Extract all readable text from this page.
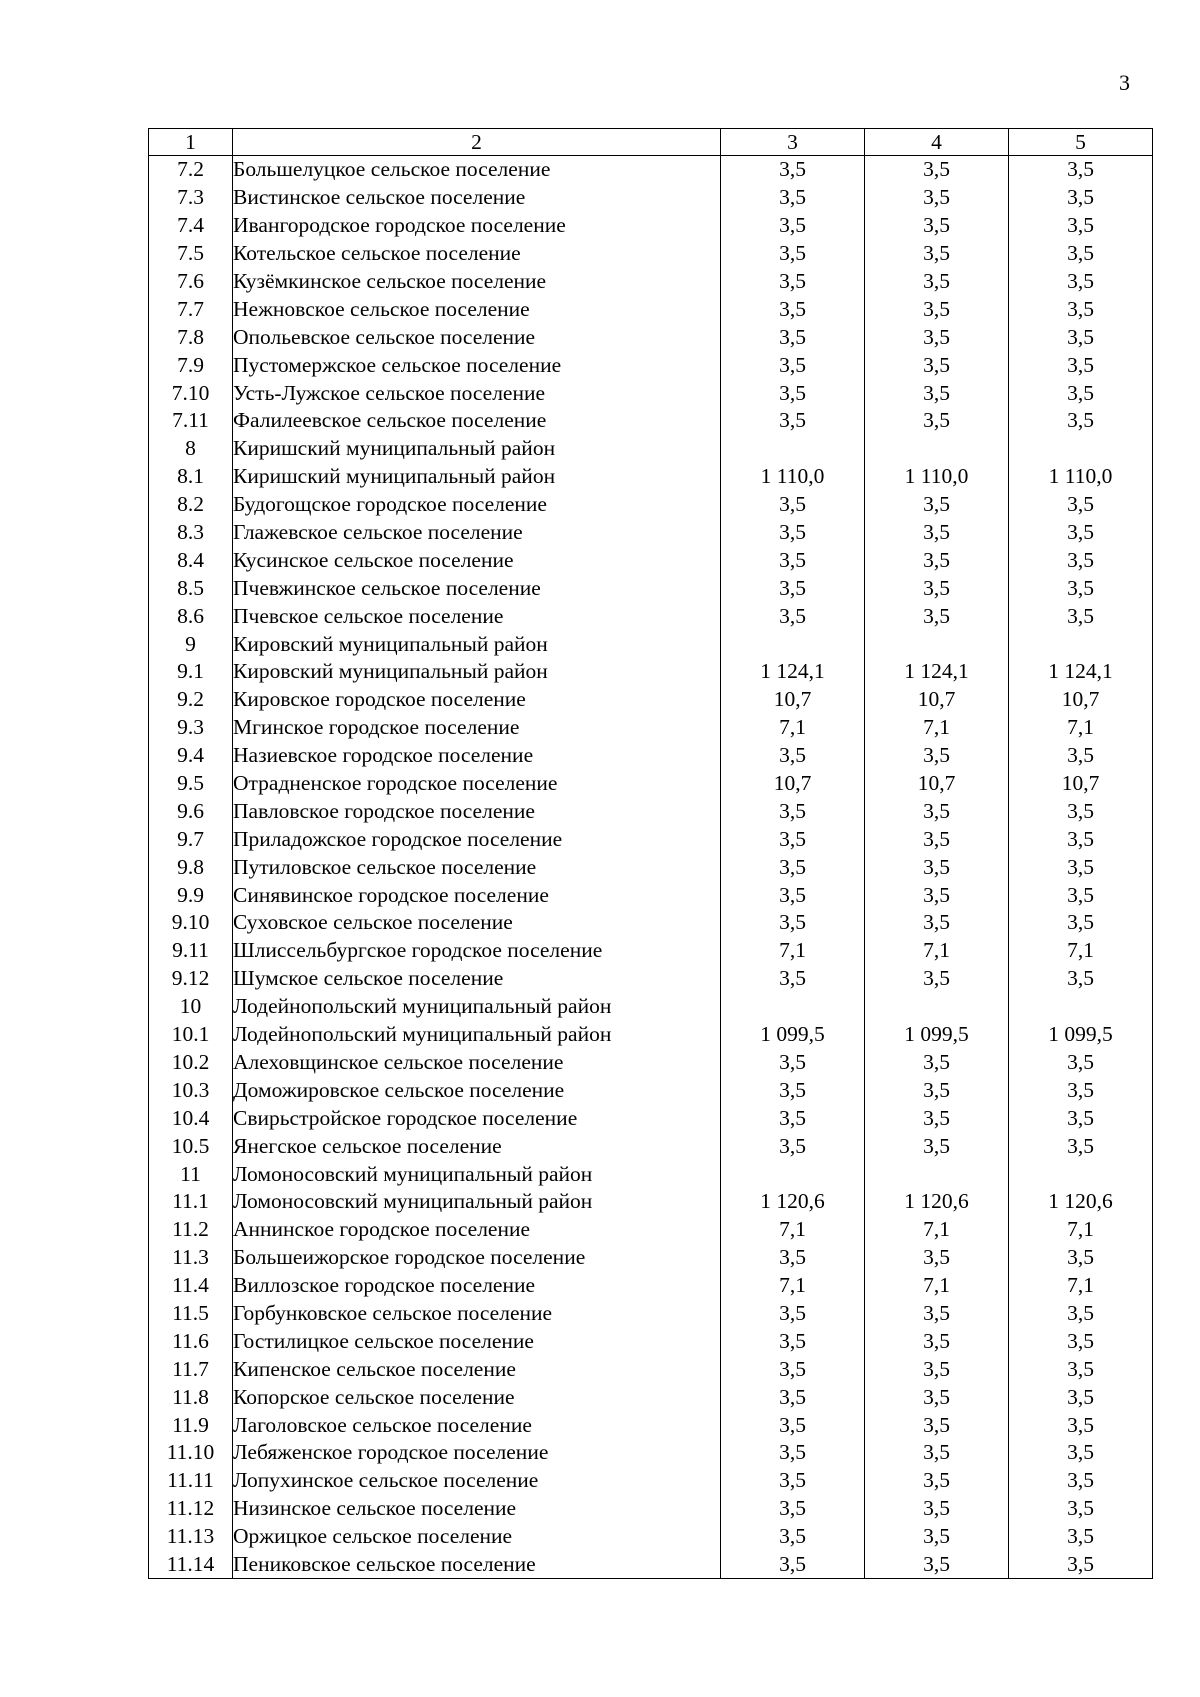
3
1	2	3	4	5
7.2	Большелуцкое сельское поселение	3,5	3,5	3,5
7.3	Вистинское сельское поселение	3,5	3,5	3,5
7.4	Ивангородское городское поселение	3,5	3,5	3,5
7.5	Котельское сельское поселение	3,5	3,5	3,5
7.6	Кузёмкинское сельское поселение	3,5	3,5	3,5
7.7	Нежновское сельское поселение	3,5	3,5	3,5
7.8	Опольевское сельское поселение	3,5	3,5	3,5
7.9	Пустомержское сельское поселение	3,5	3,5	3,5
7.10	Усть-Лужское сельское поселение	3,5	3,5	3,5
7.11	Фалилеевское сельское поселение	3,5	3,5	3,5
8	Киришский муниципальный район			
8.1	Киришский муниципальный район	1 110,0	1 110,0	1 110,0
8.2	Будогощское городское поселение	3,5	3,5	3,5
8.3	Глажевское сельское поселение	3,5	3,5	3,5
8.4	Кусинское сельское поселение	3,5	3,5	3,5
8.5	Пчевжинское сельское поселение	3,5	3,5	3,5
8.6	Пчевское сельское поселение	3,5	3,5	3,5
9	Кировский муниципальный район			
9.1	Кировский муниципальный район	1 124,1	1 124,1	1 124,1
9.2	Кировское городское поселение	10,7	10,7	10,7
9.3	Мгинское городское поселение	7,1	7,1	7,1
9.4	Назиевское городское поселение	3,5	3,5	3,5
9.5	Отрадненское городское поселение	10,7	10,7	10,7
9.6	Павловское городское поселение	3,5	3,5	3,5
9.7	Приладожское городское поселение	3,5	3,5	3,5
9.8	Путиловское сельское поселение	3,5	3,5	3,5
9.9	Синявинское городское поселение	3,5	3,5	3,5
9.10	Суховское сельское поселение	3,5	3,5	3,5
9.11	Шлиссельбургское городское поселение	7,1	7,1	7,1
9.12	Шумское сельское поселение	3,5	3,5	3,5
10	Лодейнопольский муниципальный район			
10.1	Лодейнопольский муниципальный район	1 099,5	1 099,5	1 099,5
10.2	Алеховщинское сельское поселение	3,5	3,5	3,5
10.3	Доможировское сельское поселение	3,5	3,5	3,5
10.4	Свирьстройское городское поселение	3,5	3,5	3,5
10.5	Янегское сельское поселение	3,5	3,5	3,5
11	Ломоносовский муниципальный район			
11.1	Ломоносовский муниципальный район	1 120,6	1 120,6	1 120,6
11.2	Аннинское городское поселение	7,1	7,1	7,1
11.3	Большеижорское городское поселение	3,5	3,5	3,5
11.4	Виллозское городское поселение	7,1	7,1	7,1
11.5	Горбунковское сельское поселение	3,5	3,5	3,5
11.6	Гостилицкое сельское поселение	3,5	3,5	3,5
11.7	Кипенское сельское поселение	3,5	3,5	3,5
11.8	Копорское сельское поселение	3,5	3,5	3,5
11.9	Лаголовское сельское поселение	3,5	3,5	3,5
11.10	Лебяженское городское поселение	3,5	3,5	3,5
11.11	Лопухинское сельское поселение	3,5	3,5	3,5
11.12	Низинское сельское поселение	3,5	3,5	3,5
11.13	Оржицкое сельское поселение	3,5	3,5	3,5
11.14	Пениковское сельское поселение	3,5	3,5	3,5
